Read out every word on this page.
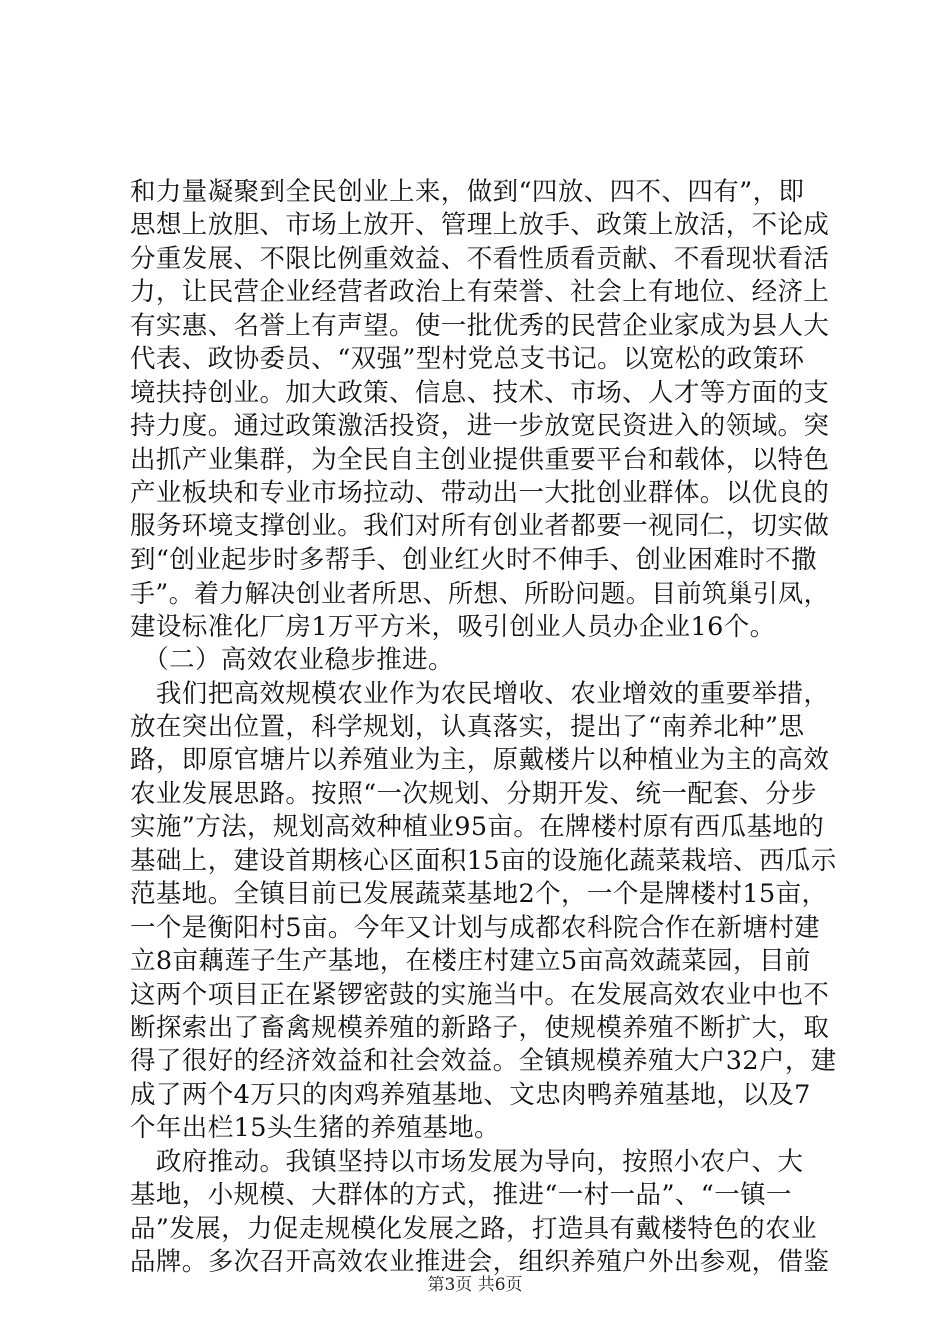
和力量凝聚到全民创业上来，做到“四放、四不、四有”，即
思想上放胆、市场上放开、管理上放手、政策上放活，不论成
分重发展、不限比例重效益、不看性质看贡献、不看现状看活
力，让民营企业经营者政治上有荣誉、社会上有地位、经济上
有实惠、名誉上有声望。使一批优秀的民营企业家成为县人大
代表、政协委员、“双强”型村党总支书记。以宽松的政策环
境扶持创业。加大政策、信息、技术、市场、人才等方面的支
持力度。通过政策激活投资，进一步放宽民资进入的领域。突
出抓产业集群，为全民自主创业提供重要平台和载体，以特色
产业板块和专业市场拉动、带动出一大批创业群体。以优良的
服务环境支撑创业。我们对所有创业者都要一视同仁，切实做
到“创业起步时多帮手、创业红火时不伸手、创业困难时不撒
手”。着力解决创业者所思、所想、所盼问题。目前筑巢引凤，
建设标准化厂房1万平方米，吸引创业人员办企业16个。
　（二）高效农业稳步推进。
　我们把高效规模农业作为农民增收、农业增效的重要举措，
放在突出位置，科学规划，认真落实，提出了“南养北种”思
路，即原官塘片以养殖业为主，原戴楼片以种植业为主的高效
农业发展思路。按照“一次规划、分期开发、统一配套、分步
实施”方法，规划高效种植业95亩。在牌楼村原有西瓜基地的
基础上，建设首期核心区面积15亩的设施化蔬菜栽培、西瓜示
范基地。全镇目前已发展蔬菜基地2个，一个是牌楼村15亩，
一个是衡阳村5亩。今年又计划与成都农科院合作在新塘村建
立8亩藕莲子生产基地，在楼庄村建立5亩高效蔬菜园，目前
这两个项目正在紧锣密鼓的实施当中。在发展高效农业中也不
断探索出了畜禽规模养殖的新路子，使规模养殖不断扩大，取
得了很好的经济效益和社会效益。全镇规模养殖大户32户，建
成了两个4万只的肉鸡养殖基地、文忠肉鸭养殖基地，以及7
个年出栏15头生猪的养殖基地。
　政府推动。我镇坚持以市场发展为导向，按照小农户、大
基地，小规模、大群体的方式，推进“一村一品”、“一镇一
品”发展，力促走规模化发展之路，打造具有戴楼特色的农业
品牌。多次召开高效农业推进会，组织养殖户外出参观，借鉴
第3页 共6页
